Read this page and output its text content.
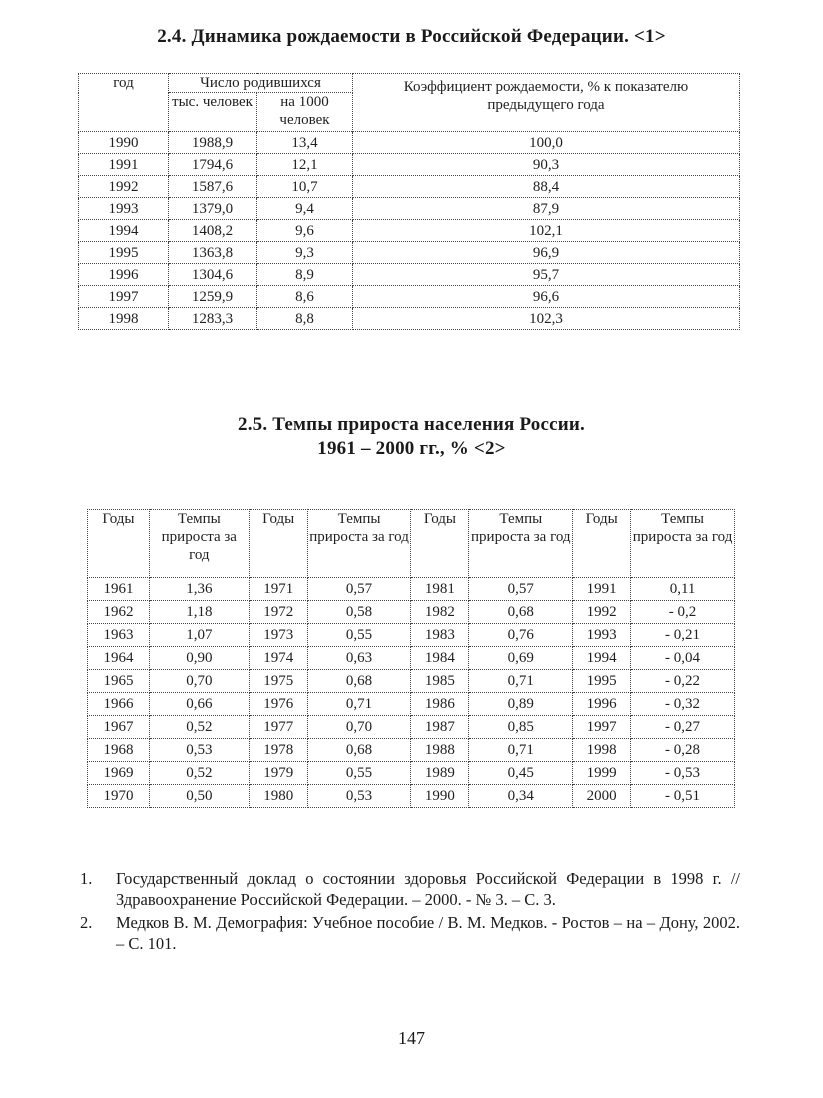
2.4. Динамика рождаемости в Российской Федерации. <1>
год	Число родившихся		Коэффициент рождаемости, % к показателю предыдущего года
	тыс. человек	на 1000 человек	
1990	1988,9	13,4	100,0
1991	1794,6	12,1	90,3
1992	1587,6	10,7	88,4
1993	1379,0	9,4	87,9
1994	1408,2	9,6	102,1
1995	1363,8	9,3	96,9
1996	1304,6	8,9	95,7
1997	1259,9	8,6	96,6
1998	1283,3	8,8	102,3
2.5. Темпы прироста населения России.
1961 – 2000 гг., % <2>
Годы	Темпы прироста за год	Годы	Темпы прироста за год	Годы	Темпы прироста за год	Годы	Темпы прироста за год
1961	1,36	1971	0,57	1981	0,57	1991	0,11
1962	1,18	1972	0,58	1982	0,68	1992	- 0,2
1963	1,07	1973	0,55	1983	0,76	1993	- 0,21
1964	0,90	1974	0,63	1984	0,69	1994	- 0,04
1965	0,70	1975	0,68	1985	0,71	1995	- 0,22
1966	0,66	1976	0,71	1986	0,89	1996	- 0,32
1967	0,52	1977	0,70	1987	0,85	1997	- 0,27
1968	0,53	1978	0,68	1988	0,71	1998	- 0,28
1969	0,52	1979	0,55	1989	0,45	1999	- 0,53
1970	0,50	1980	0,53	1990	0,34	2000	- 0,51
1.	Государственный доклад о состоянии здоровья Российской Федерации в 1998 г. // Здравоохранение Российской Федерации. – 2000. - № 3. – С. 3.
2.	Медков В. М. Демография: Учебное пособие / В. М. Медков. - Ростов – на – Дону, 2002. – С. 101.
147
